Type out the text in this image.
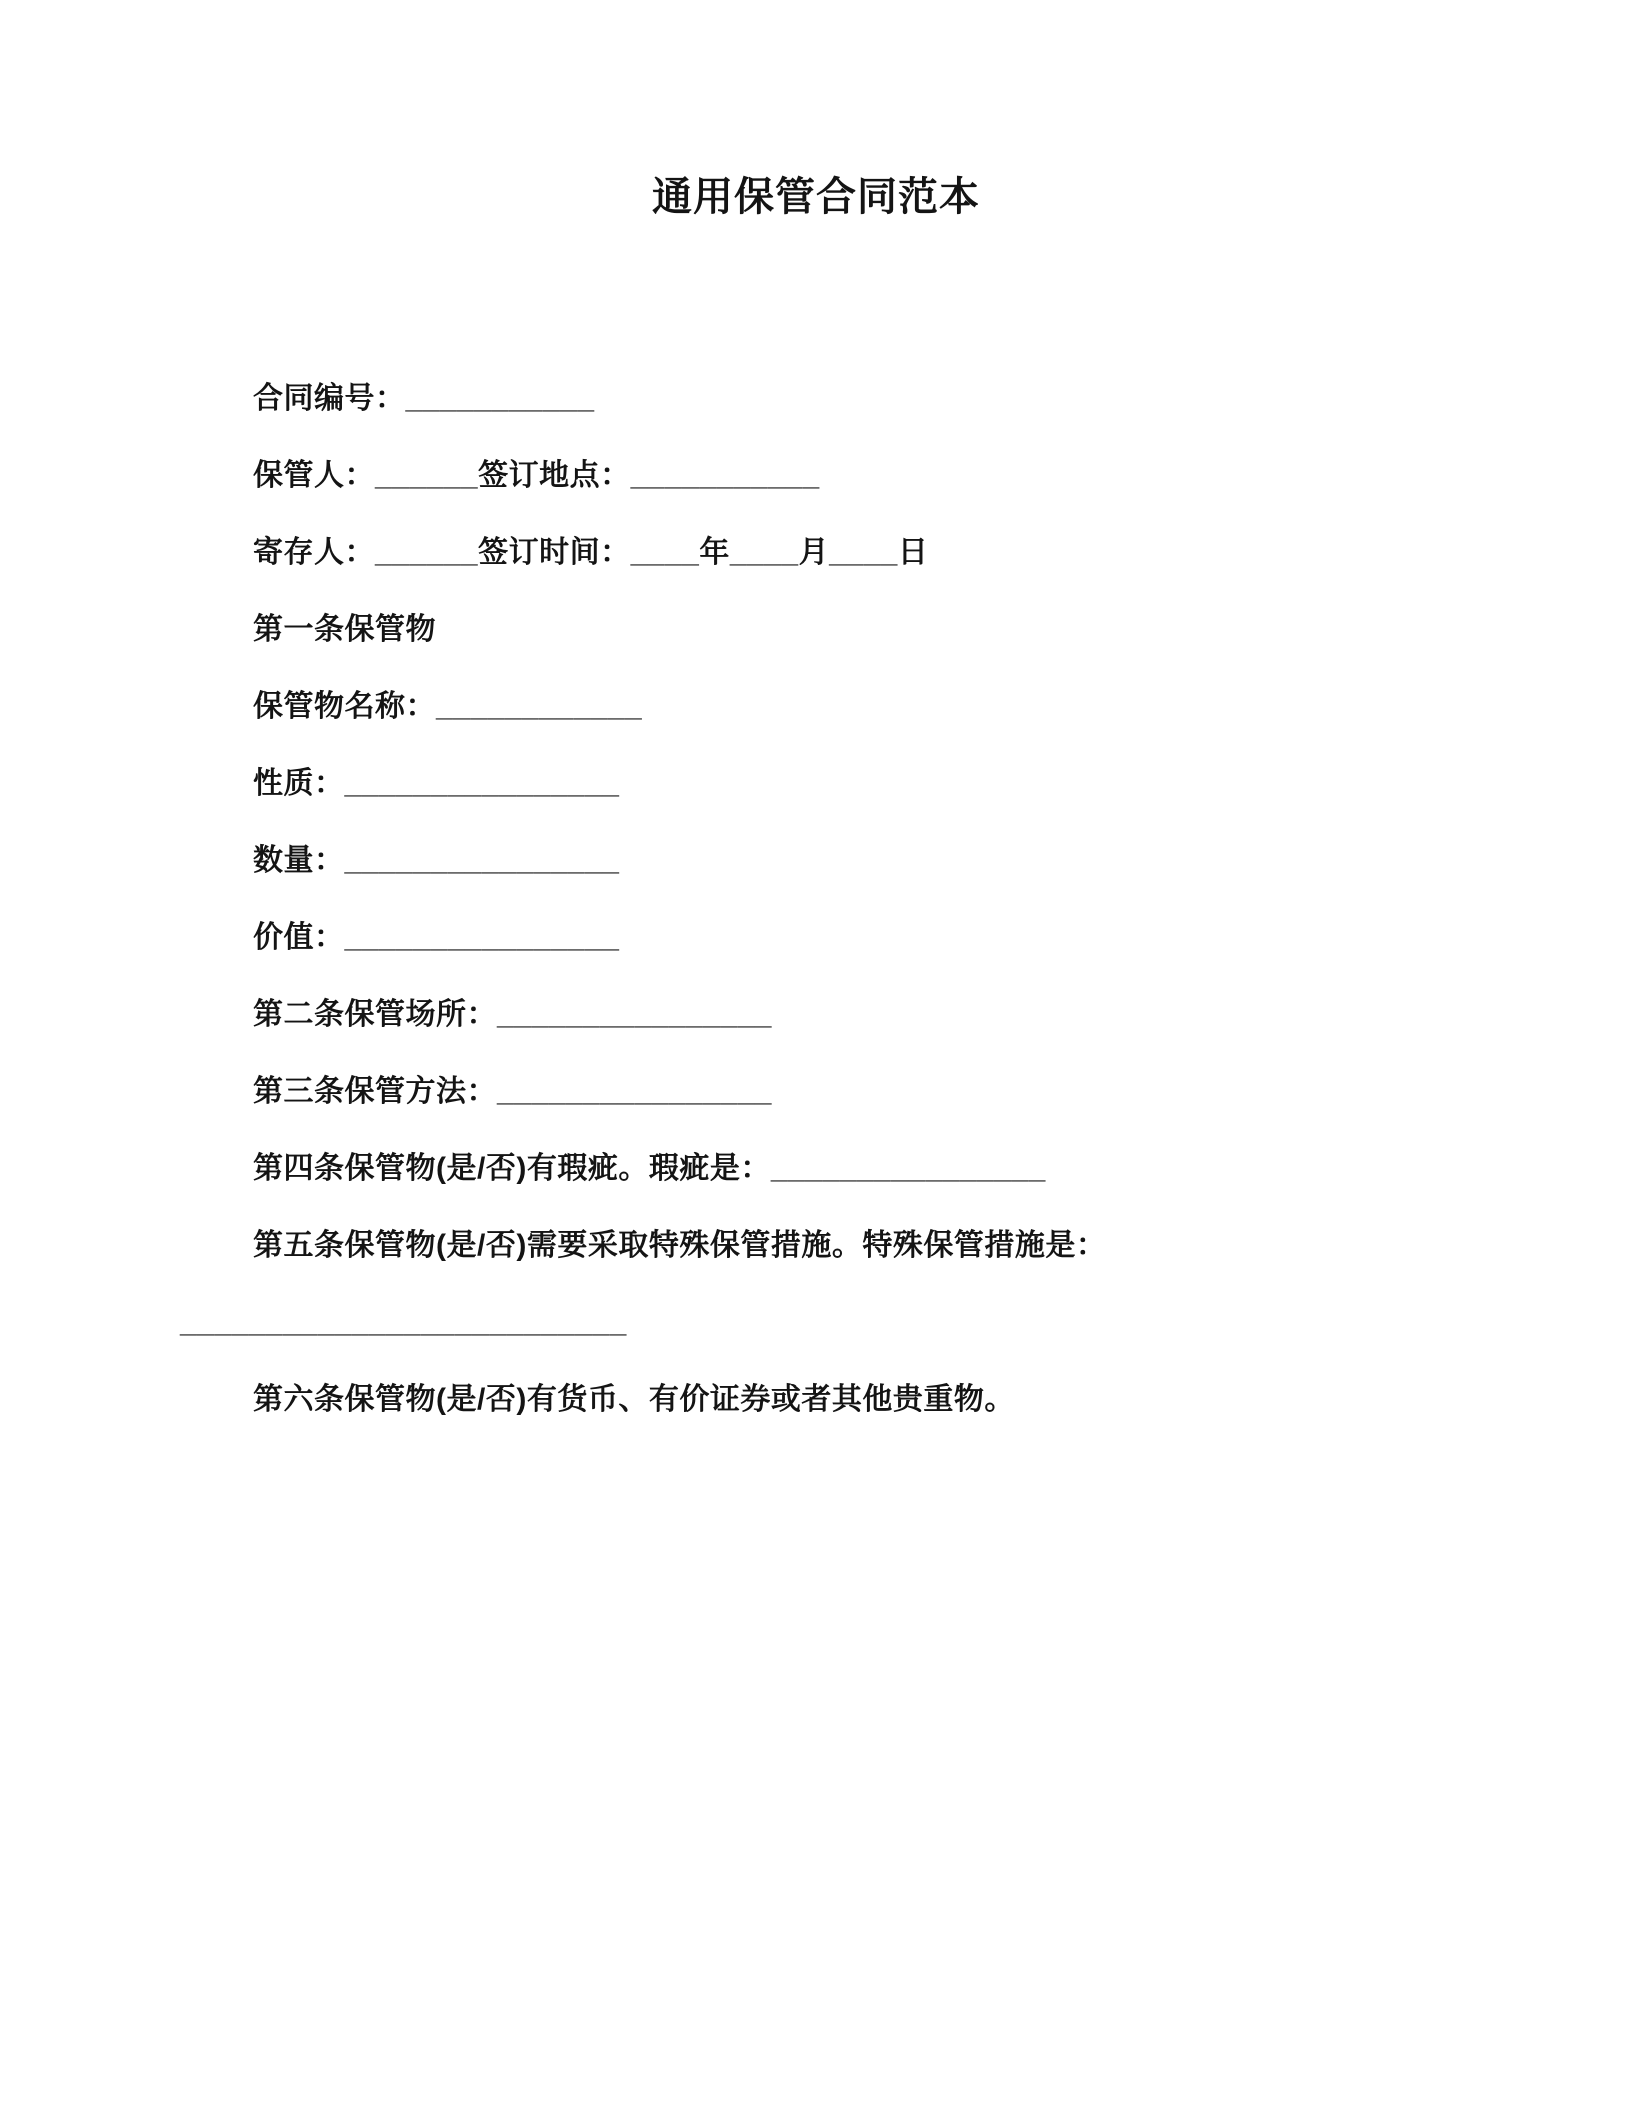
通用保管合同范本

合同编号：___________

保管人：______签订地点：___________

寄存人：______签订时间：____年____月____日

第一条保管物

保管物名称：____________

性质：________________

数量：________________

价值：________________

第二条保管场所：________________

第三条保管方法：________________

第四条保管物(是/否)有瑕疵。瑕疵是：________________

第五条保管物(是/否)需要采取特殊保管措施。特殊保管措施是：

__________________________

第六条保管物(是/否)有货币、有价证券或者其他贵重物。
